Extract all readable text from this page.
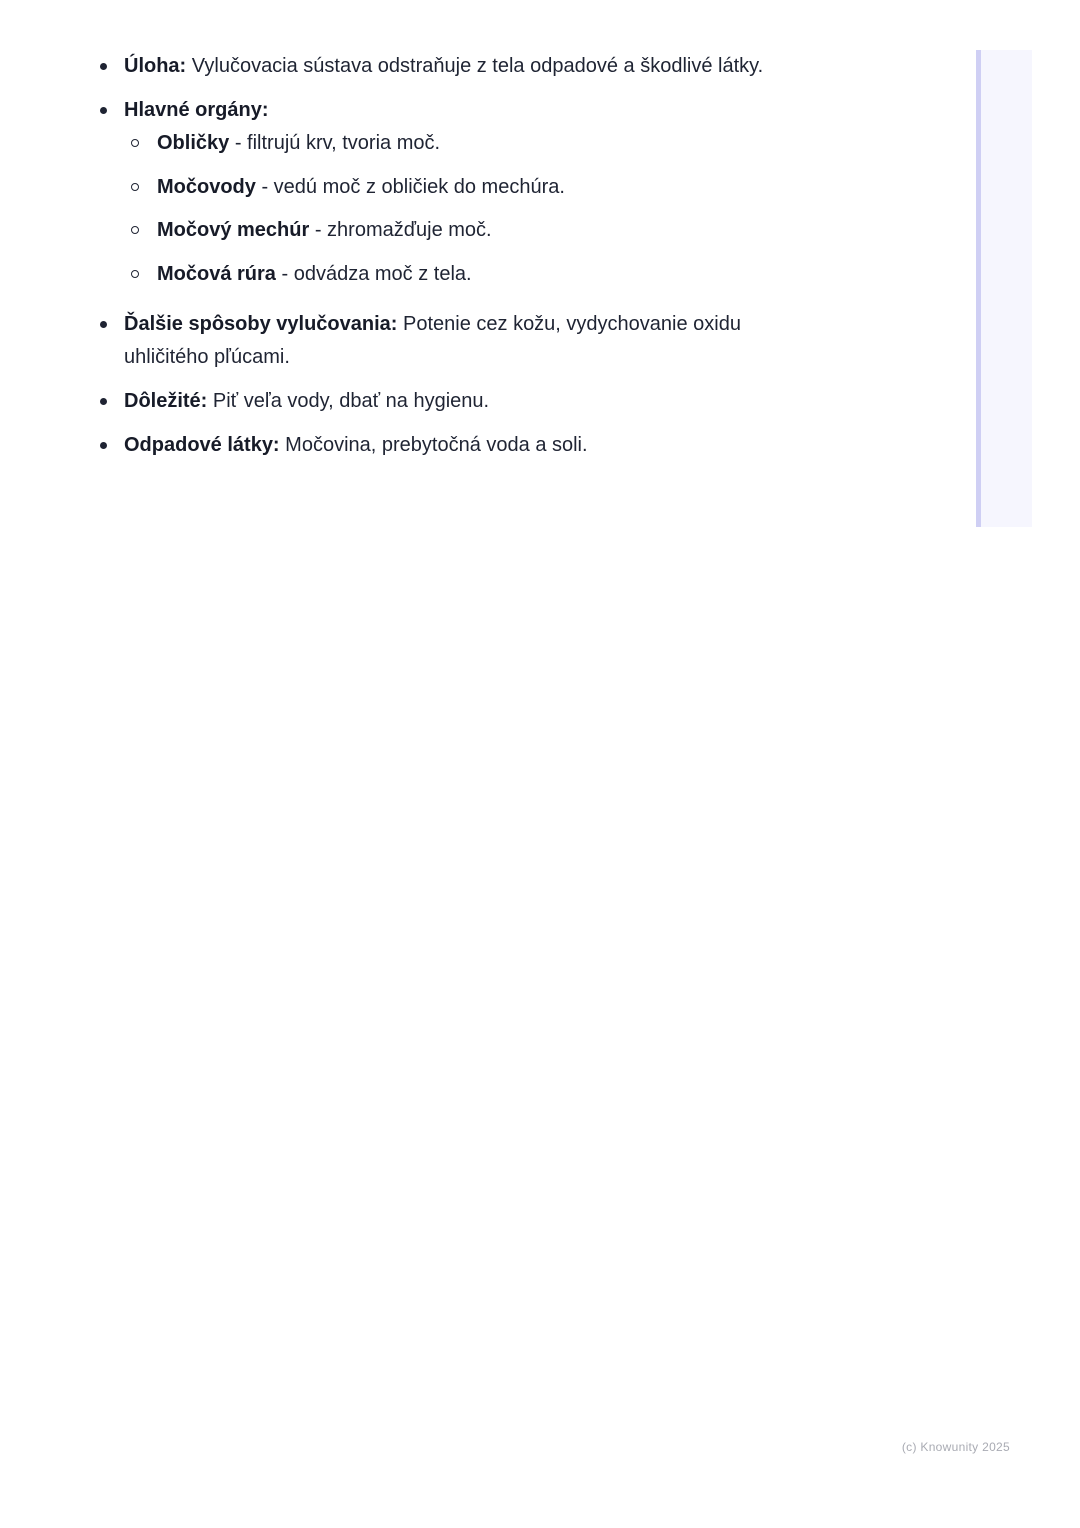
Úloha: Vylučovacia sústava odstraňuje z tela odpadové a škodlivé látky.
Hlavné orgány:
Obličky - filtrujú krv, tvoria moč.
Močovody - vedú moč z obličiek do mechúra.
Močový mechúr - zhromažďuje moč.
Močová rúra - odvádza moč z tela.
Ďalšie spôsoby vylučovania: Potenie cez kožu, vydychovanie oxidu uhličitého pľúcami.
Dôležité: Piť veľa vody, dbať na hygienu.
Odpadové látky: Močovina, prebytočná voda a soli.
(c) Knowunity 2025
